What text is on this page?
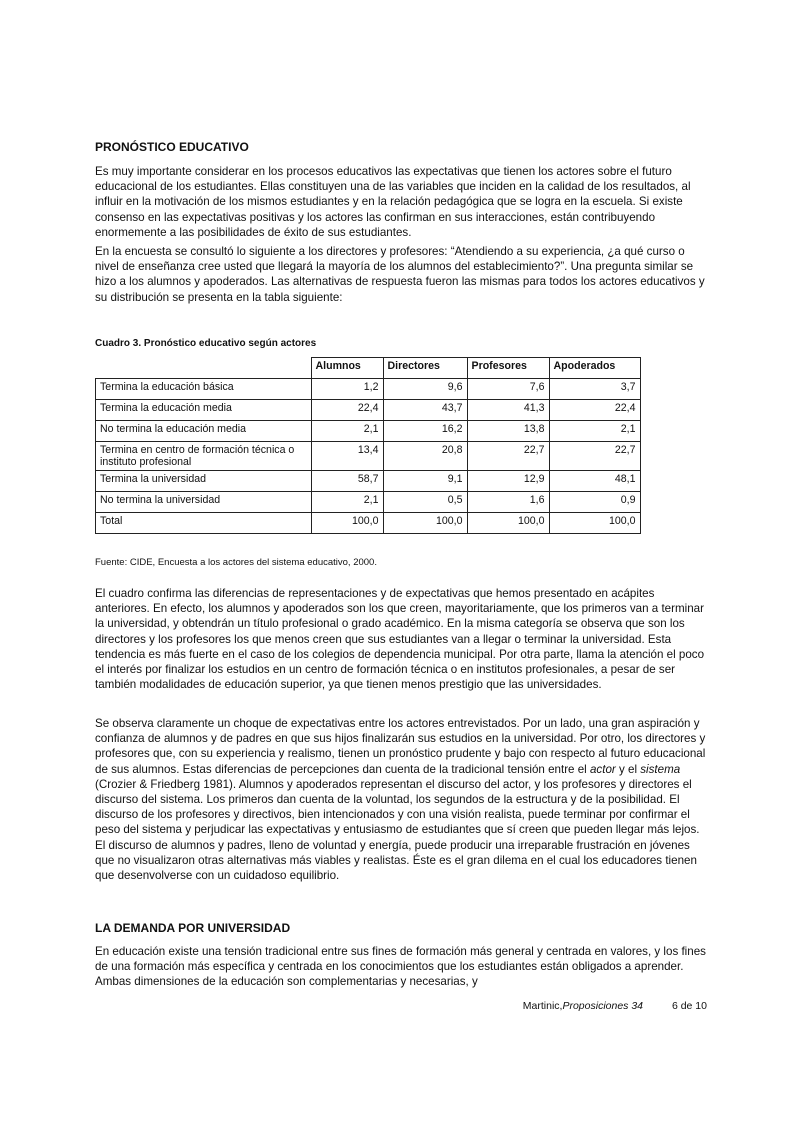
PRONÓSTICO EDUCATIVO

Es muy importante considerar en los procesos educativos las expectativas que tienen los actores sobre el futuro educacional de los estudiantes. Ellas constituyen una de las variables que inciden en la calidad de los resultados, al influir en la motivación de los mismos estudiantes y en la relación pedagógica que se logra en la escuela. Si existe consenso en las expectativas positivas y los actores las confirman en sus interacciones, están contribuyendo enormemente a las posibilidades de éxito de sus estudiantes.

En la encuesta se consultó lo siguiente a los directores y profesores: “Atendiendo a su experiencia, ¿a qué curso o nivel de enseñanza cree usted que llegará la mayoría de los alumnos del establecimiento?”. Una pregunta similar se hizo a los alumnos y apoderados. Las alternativas de respuesta fueron las mismas para todos los actores educativos y su distribución se presenta en la tabla siguiente:

Cuadro 3. Pronóstico educativo según actores
	Alumnos	Directores	Profesores	Apoderados
Termina la educación básica	1,2	9,6	7,6	3,7
Termina la educación media	22,4	43,7	41,3	22,4
No termina la educación media	2,1	16,2	13,8	2,1
Termina en centro de formación técnica o instituto profesional	13,4	20,8	22,7	22,7
Termina la universidad	58,7	9,1	12,9	48,1
No termina la universidad	2,1	0,5	1,6	0,9
Total	100,0	100,0	100,0	100,0
Fuente: CIDE, Encuesta a los actores del sistema educativo, 2000.

El cuadro confirma las diferencias de representaciones y de expectativas que hemos presentado en acápites anteriores. En efecto, los alumnos y apoderados son los que creen, mayoritariamente, que los primeros van a terminar la universidad, y obtendrán un título profesional o grado académico. En la misma categoría se observa que son los directores y los profesores los que menos creen que sus estudiantes van a llegar o terminar la universidad. Esta tendencia es más fuerte en el caso de los colegios de dependencia municipal. Por otra parte, llama la atención el poco el interés por finalizar los estudios en un centro de formación técnica o en institutos profesionales, a pesar de ser también modalidades de educación superior, ya que tienen menos prestigio que las universidades.

Se observa claramente un choque de expectativas entre los actores entrevistados. Por un lado, una gran aspiración y confianza de alumnos y de padres en que sus hijos finalizarán sus estudios en la universidad. Por otro, los directores y profesores que, con su experiencia y realismo, tienen un pronóstico prudente y bajo con respecto al futuro educacional de sus alumnos. Estas diferencias de percepciones dan cuenta de la tradicional tensión entre el actor y el sistema (Crozier & Friedberg 1981). Alumnos y apoderados representan el discurso del actor, y los profesores y directores el discurso del sistema. Los primeros dan cuenta de la voluntad, los segundos de la estructura y de la posibilidad. El discurso de los profesores y directivos, bien intencionados y con una visión realista, puede terminar por confirmar el peso del sistema y perjudicar las expectativas y entusiasmo de estudiantes que sí creen que pueden llegar más lejos. El discurso de alumnos y padres, lleno de voluntad y energía, puede producir una irreparable frustración en jóvenes que no visualizaron otras alternativas más viables y realistas. Éste es el gran dilema en el cual los educadores tienen que desenvolverse con un cuidadoso equilibrio.

LA DEMANDA POR UNIVERSIDAD

En educación existe una tensión tradicional entre sus fines de formación más general y centrada en valores, y los fines de una formación más específica y centrada en los conocimientos que los estudiantes están obligados a aprender. Ambas dimensiones de la educación son complementarias y necesarias, y

Martinic,Proposiciones 34	6 de 10
